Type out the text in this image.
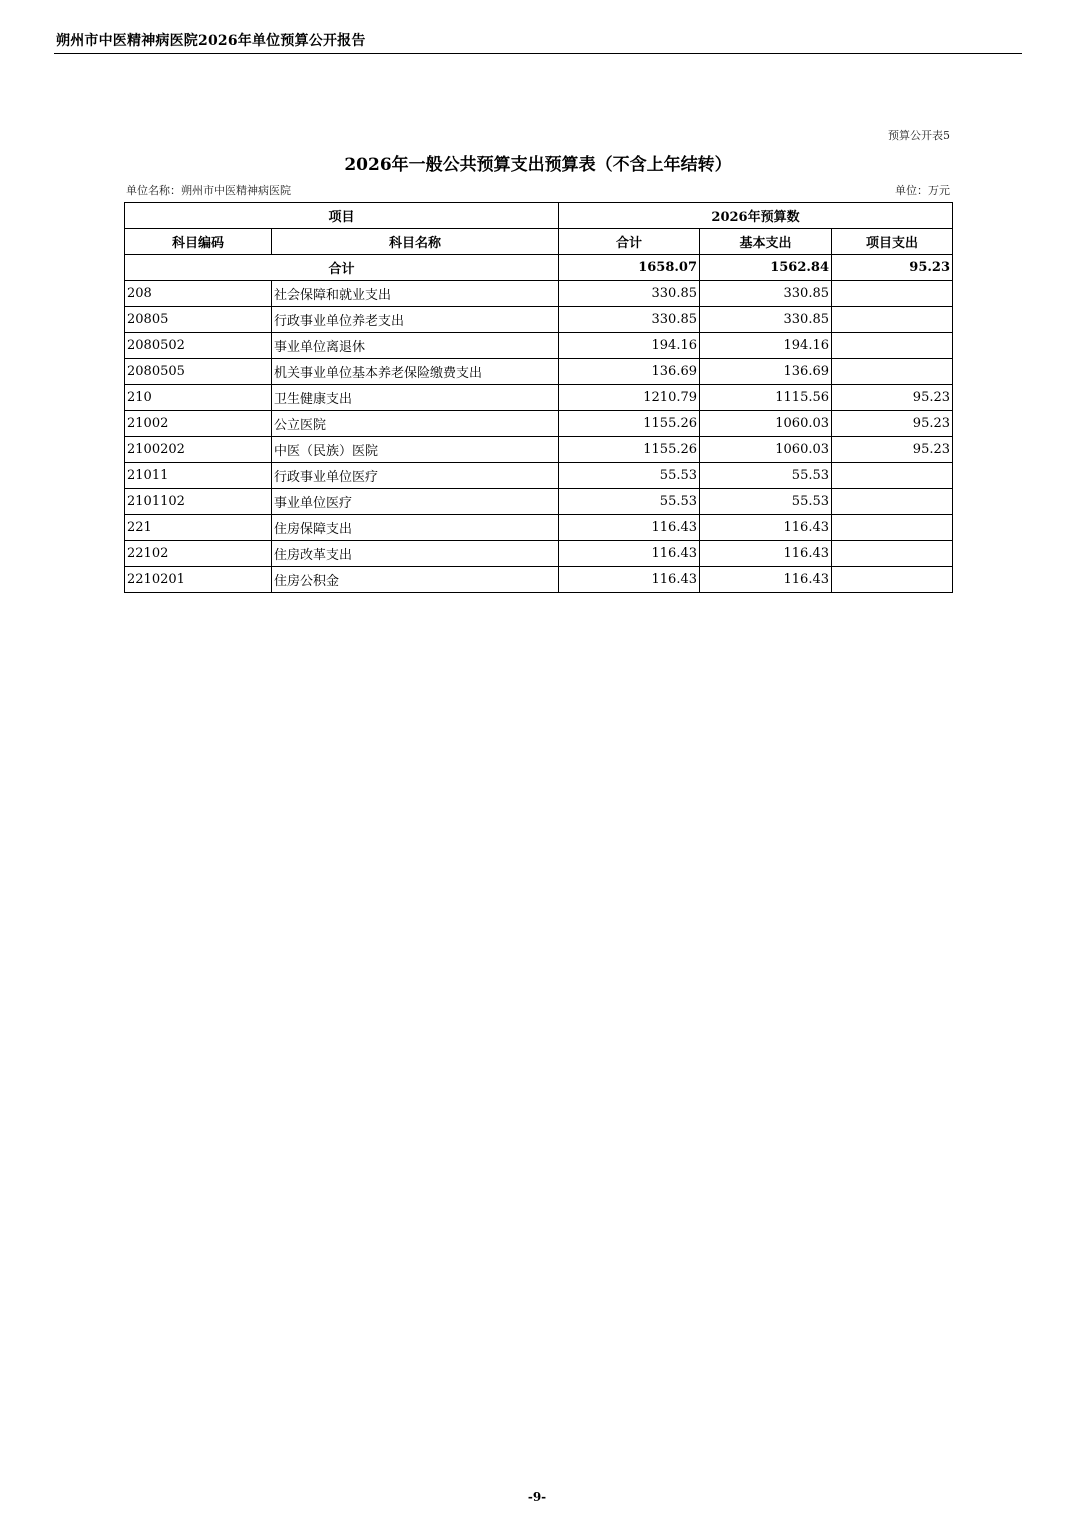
朔州市中医精神病医院2026年单位预算公开报告
预算公开表5
2026年一般公共预算支出预算表（不含上年结转）
单位名称：朔州市中医精神病医院	单位：万元
项目		2026年预算数		
科目编码	科目名称	合计	基本支出	项目支出
合计		1658.07	1562.84	95.23
208	社会保障和就业支出	330.85	330.85	
20805	行政事业单位养老支出	330.85	330.85	
2080502	事业单位离退休	194.16	194.16	
2080505	机关事业单位基本养老保险缴费支出	136.69	136.69	
210	卫生健康支出	1210.79	1115.56	95.23
21002	公立医院	1155.26	1060.03	95.23
2100202	中医（民族）医院	1155.26	1060.03	95.23
21011	行政事业单位医疗	55.53	55.53	
2101102	事业单位医疗	55.53	55.53	
221	住房保障支出	116.43	116.43	
22102	住房改革支出	116.43	116.43	
2210201	住房公积金	116.43	116.43	
-9-
